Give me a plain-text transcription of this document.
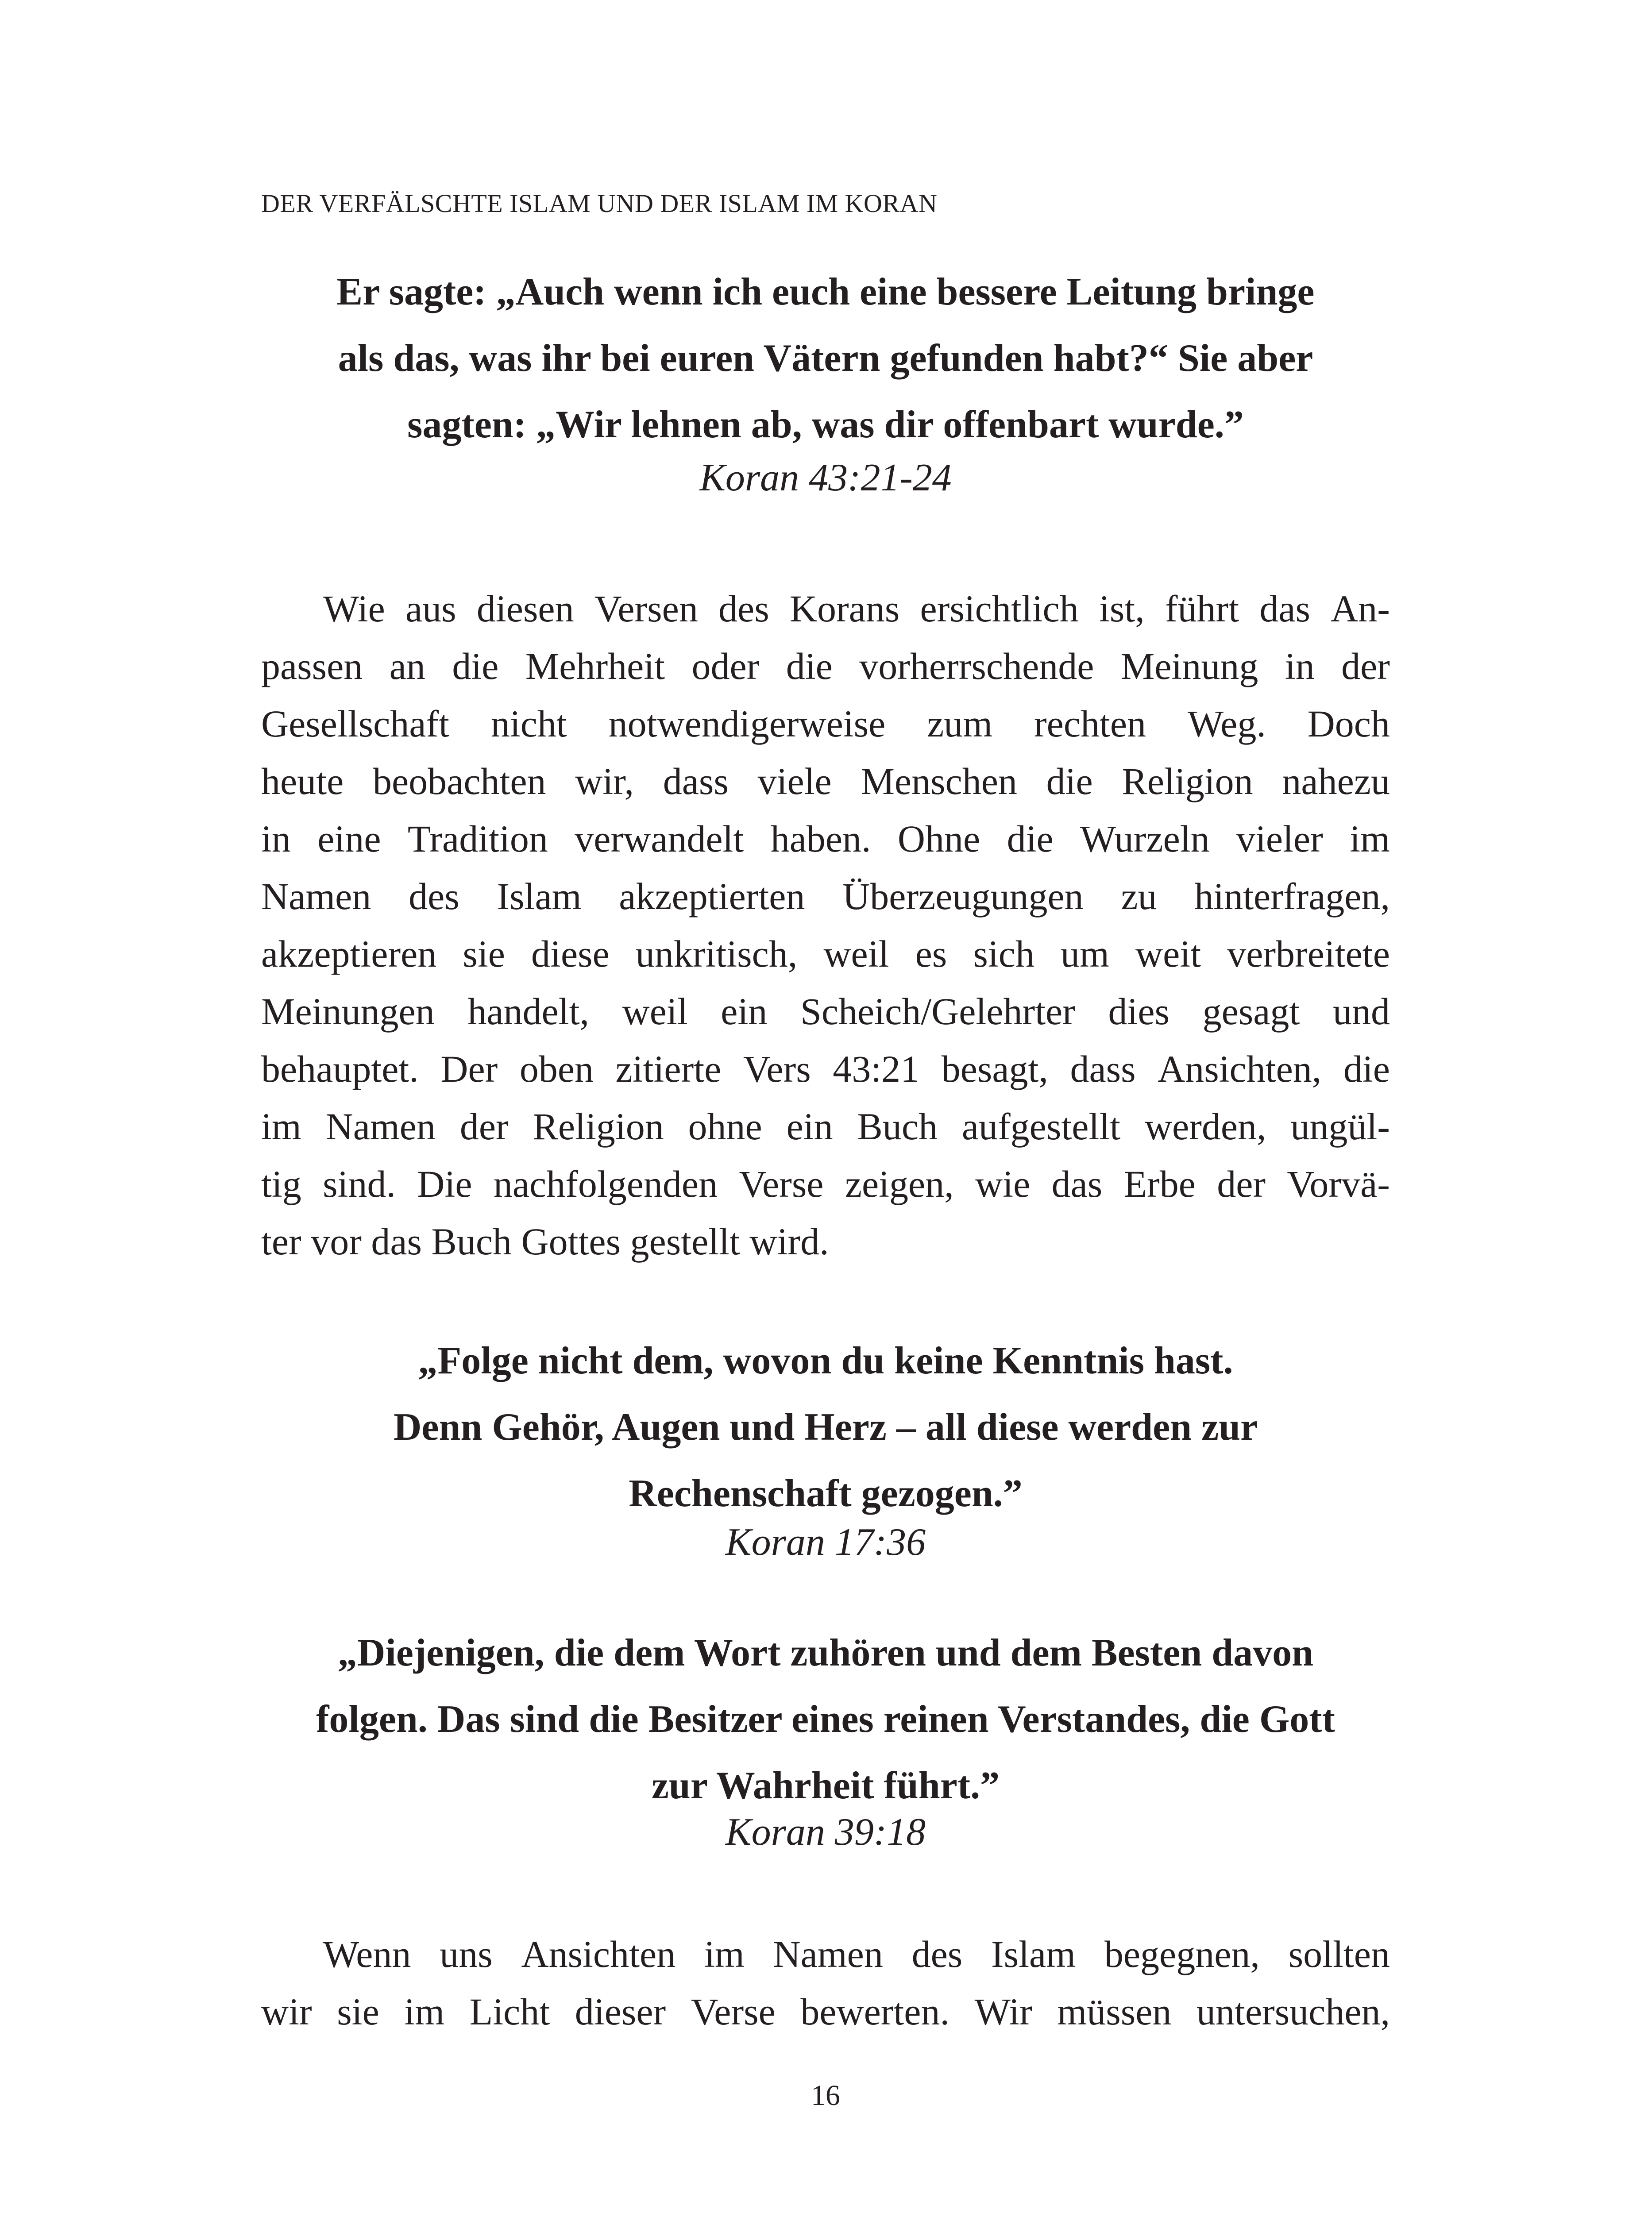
DER VERFÄLSCHTE ISLAM UND DER ISLAM IM KORAN
Er sagte: „Auch wenn ich euch eine bessere Leitung bringe
als das, was ihr bei euren Vätern gefunden habt?“ Sie aber
sagten: „Wir lehnen ab, was dir offenbart wurde.”
Koran 43:21-24
Wie aus diesen Versen des Korans ersichtlich ist, führt das An-
passen an die Mehrheit oder die vorherrschende Meinung in der
Gesellschaft nicht notwendigerweise zum rechten Weg. Doch
heute beobachten wir, dass viele Menschen die Religion nahezu
in eine Tradition verwandelt haben. Ohne die Wurzeln vieler im
Namen des Islam akzeptierten Überzeugungen zu hinterfragen,
akzeptieren sie diese unkritisch, weil es sich um weit verbreitete
Meinungen handelt, weil ein Scheich/Gelehrter dies gesagt und
behauptet. Der oben zitierte Vers 43:21 besagt, dass Ansichten, die
im Namen der Religion ohne ein Buch aufgestellt werden, ungül-
tig sind. Die nachfolgenden Verse zeigen, wie das Erbe der Vorvä-
ter vor das Buch Gottes gestellt wird.
„Folge nicht dem, wovon du keine Kenntnis hast.
Denn Gehör, Augen und Herz – all diese werden zur
Rechenschaft gezogen.”
Koran 17:36
„Diejenigen, die dem Wort zuhören und dem Besten davon
folgen. Das sind die Besitzer eines reinen Verstandes, die Gott
zur Wahrheit führt.”
Koran 39:18
Wenn uns Ansichten im Namen des Islam begegnen, sollten
wir sie im Licht dieser Verse bewerten. Wir müssen untersuchen,
16
